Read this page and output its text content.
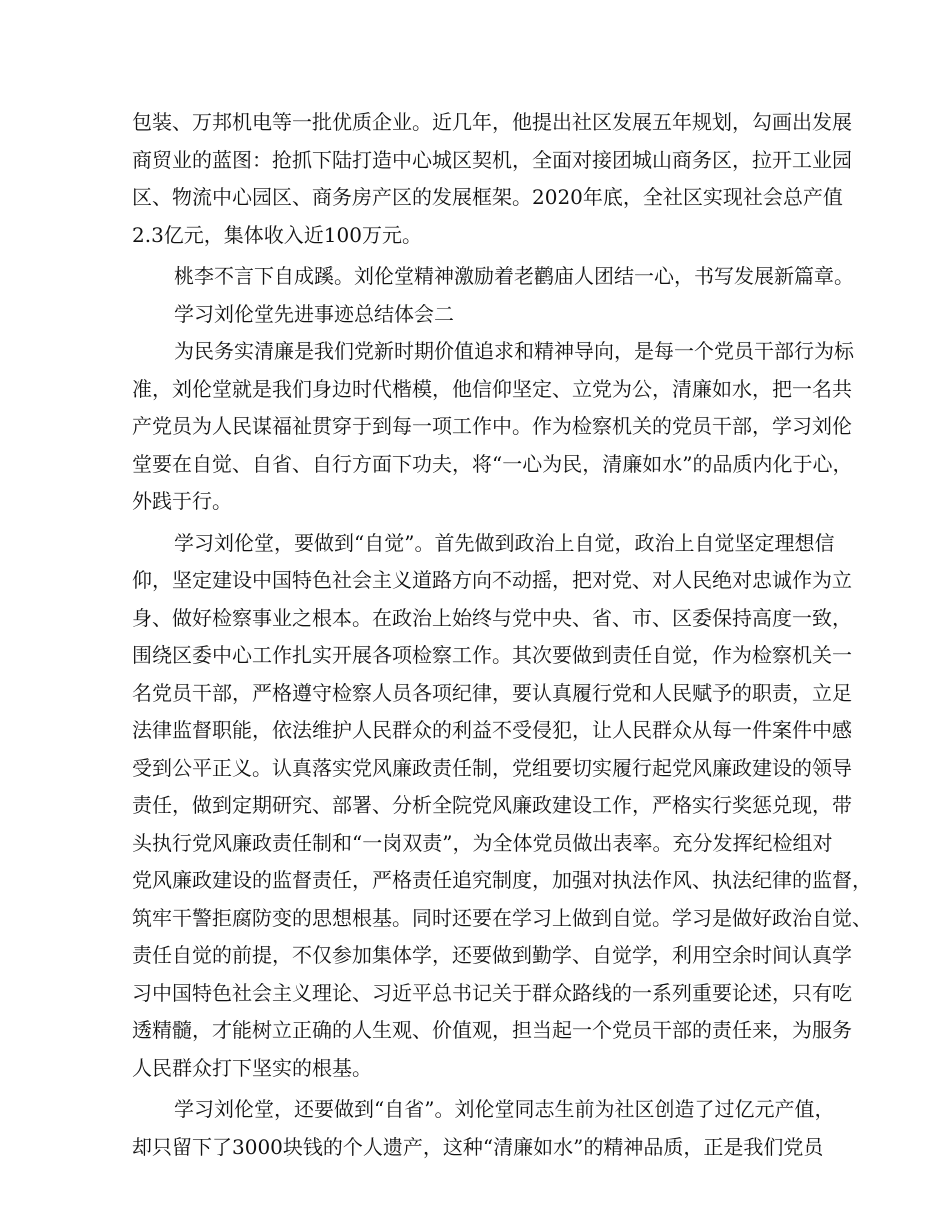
包装、万邦机电等一批优质企业。近几年，他提出社区发展五年规划，勾画出发展
商贸业的蓝图：抢抓下陆打造中心城区契机，全面对接团城山商务区，拉开工业园
区、物流中心园区、商务房产区的发展框架。2020年底，全社区实现社会总产值
2.3亿元，集体收入近100万元。
桃李不言下自成蹊。刘伦堂精神激励着老鹳庙人团结一心，书写发展新篇章。
学习刘伦堂先进事迹总结体会二
为民务实清廉是我们党新时期价值追求和精神导向，是每一个党员干部行为标
准，刘伦堂就是我们身边时代楷模，他信仰坚定、立党为公，清廉如水，把一名共
产党员为人民谋福祉贯穿于到每一项工作中。作为检察机关的党员干部，学习刘伦
堂要在自觉、自省、自行方面下功夫，将“一心为民，清廉如水”的品质内化于心，
外践于行。
学习刘伦堂，要做到“自觉”。首先做到政治上自觉，政治上自觉坚定理想信
仰，坚定建设中国特色社会主义道路方向不动摇，把对党、对人民绝对忠诚作为立
身、做好检察事业之根本。在政治上始终与党中央、省、市、区委保持高度一致，
围绕区委中心工作扎实开展各项检察工作。其次要做到责任自觉，作为检察机关一
名党员干部，严格遵守检察人员各项纪律，要认真履行党和人民赋予的职责，立足
法律监督职能，依法维护人民群众的利益不受侵犯，让人民群众从每一件案件中感
受到公平正义。认真落实党风廉政责任制，党组要切实履行起党风廉政建设的领导
责任，做到定期研究、部署、分析全院党风廉政建设工作，严格实行奖惩兑现，带
头执行党风廉政责任制和“一岗双责”，为全体党员做出表率。充分发挥纪检组对
党风廉政建设的监督责任，严格责任追究制度，加强对执法作风、执法纪律的监督，
筑牢干警拒腐防变的思想根基。同时还要在学习上做到自觉。学习是做好政治自觉、
责任自觉的前提，不仅参加集体学，还要做到勤学、自觉学，利用空余时间认真学
习中国特色社会主义理论、习近平总书记关于群众路线的一系列重要论述，只有吃
透精髓，才能树立正确的人生观、价值观，担当起一个党员干部的责任来，为服务
人民群众打下坚实的根基。
学习刘伦堂，还要做到“自省”。刘伦堂同志生前为社区创造了过亿元产值，
却只留下了3000块钱的个人遗产，这种“清廉如水”的精神品质，正是我们党员
